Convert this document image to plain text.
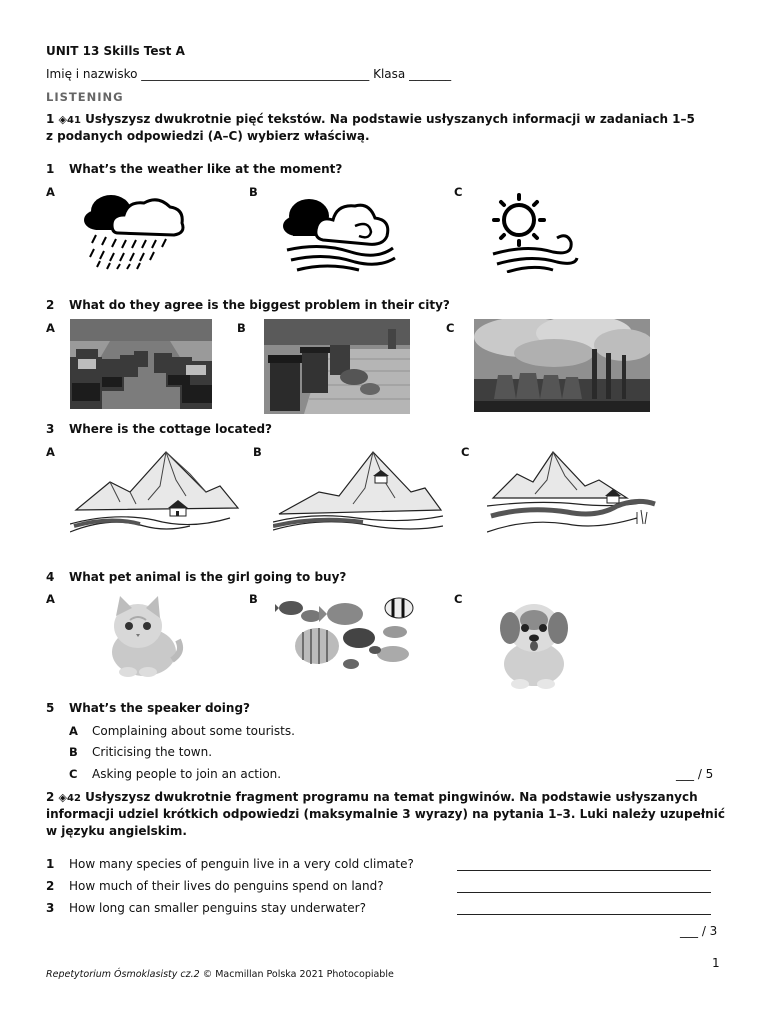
UNIT 13 Skills Test A
Imię i nazwisko ______________________________________ Klasa _______
LISTENING
1 ◈41 Usłyszysz dwukrotnie pięć tekstów. Na podstawie usłyszanych informacji w zadaniach 1–5
z podanych odpowiedzi (A–C) wybierz właściwą.
1 What’s the weather like at the moment?
A	B	C
2 What do they agree is the biggest problem in their city?
A	B	C
3 Where is the cottage located?
A	B	C
4 What pet animal is the girl going to buy?
A	B	C
5 What’s the speaker doing?
A Complaining about some tourists.
B Criticising the town.
C Asking people to join an action.	___ / 5
2 ◈42 Usłyszysz dwukrotnie fragment programu na temat pingwinów. Na podstawie usłyszanych
informacji udziel krótkich odpowiedzi (maksymalnie 3 wyrazy) na pytania 1–3. Luki należy uzupełnić
w języku angielskim.
1 How many species of penguin live in a very cold climate?
2 How much of their lives do penguins spend on land?
3 How long can smaller penguins stay underwater?
___ / 3
1
Repetytorium Ósmoklasisty cz.2 © Macmillan Polska 2021 Photocopiable
